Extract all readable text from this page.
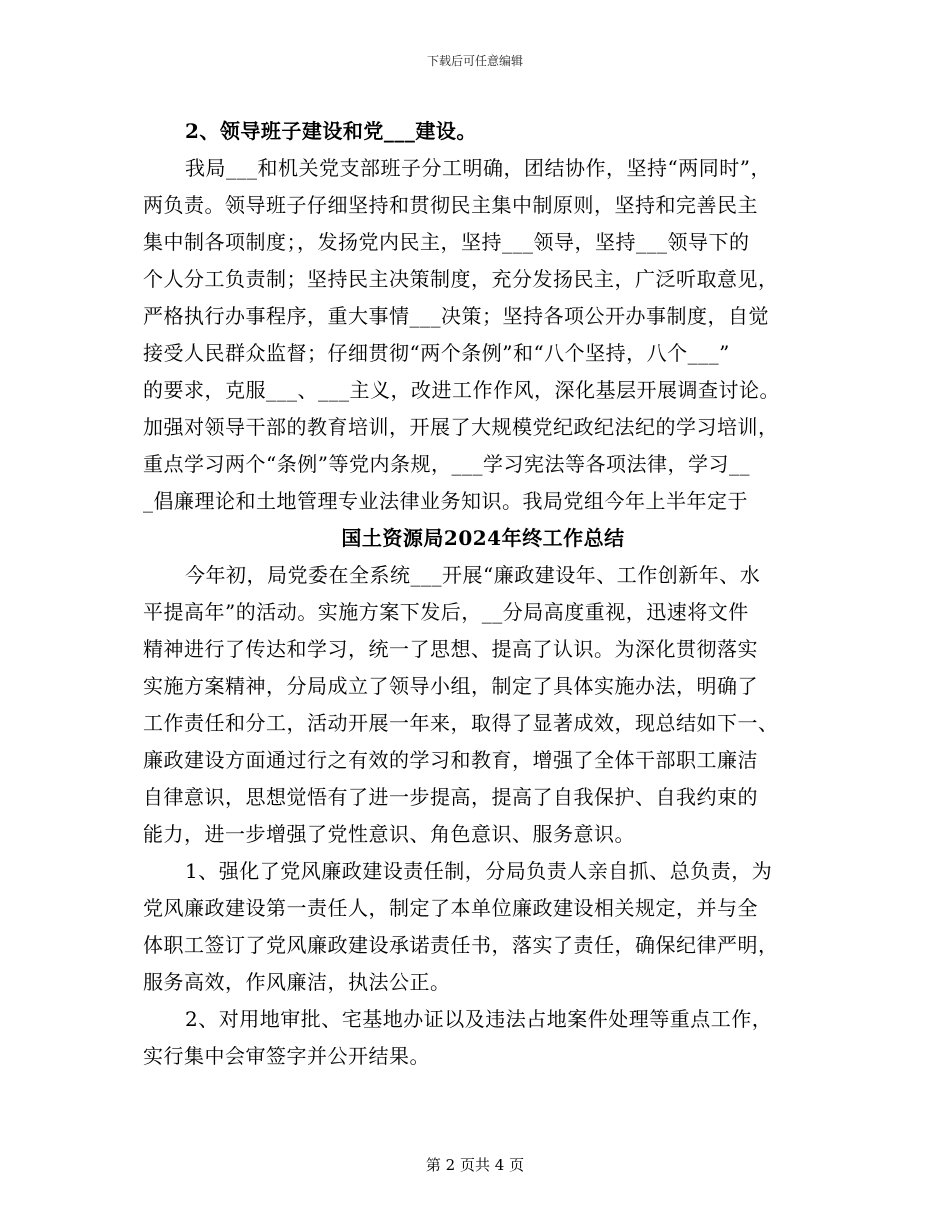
下载后可任意编辑
2、领导班子建设和党___建设。
我局___和机关党支部班子分工明确，团结协作，坚持“两同时”，
两负责。领导班子仔细坚持和贯彻民主集中制原则，坚持和完善民主
集中制各项制度；，发扬党内民主，坚持___领导，坚持___领导下的
个人分工负责制；坚持民主决策制度，充分发扬民主，广泛听取意见，
严格执行办事程序，重大事情___决策；坚持各项公开办事制度，自觉
接受人民群众监督；仔细贯彻“两个条例”和“八个坚持，八个___”
的要求，克服___、___主义，改进工作作风，深化基层开展调查讨论。
加强对领导干部的教育培训，开展了大规模党纪政纪法纪的学习培训，
重点学习两个“条例”等党内条规，___学习宪法等各项法律，学习__
_倡廉理论和土地管理专业法律业务知识。我局党组今年上半年定于
国土资源局2024年终工作总结
今年初，局党委在全系统___开展“廉政建设年、工作创新年、水
平提高年”的活动。实施方案下发后，__分局高度重视，迅速将文件
精神进行了传达和学习，统一了思想、提高了认识。为深化贯彻落实
实施方案精神，分局成立了领导小组，制定了具体实施办法，明确了
工作责任和分工，活动开展一年来，取得了显著成效，现总结如下一、
廉政建设方面通过行之有效的学习和教育，增强了全体干部职工廉洁
自律意识，思想觉悟有了进一步提高，提高了自我保护、自我约束的
能力，进一步增强了党性意识、角色意识、服务意识。
1、强化了党风廉政建设责任制，分局负责人亲自抓、总负责，为
党风廉政建设第一责任人，制定了本单位廉政建设相关规定，并与全
体职工签订了党风廉政建设承诺责任书，落实了责任，确保纪律严明，
服务高效，作风廉洁，执法公正。
2、对用地审批、宅基地办证以及违法占地案件处理等重点工作，
实行集中会审签字并公开结果。
第 2 页共 4 页
